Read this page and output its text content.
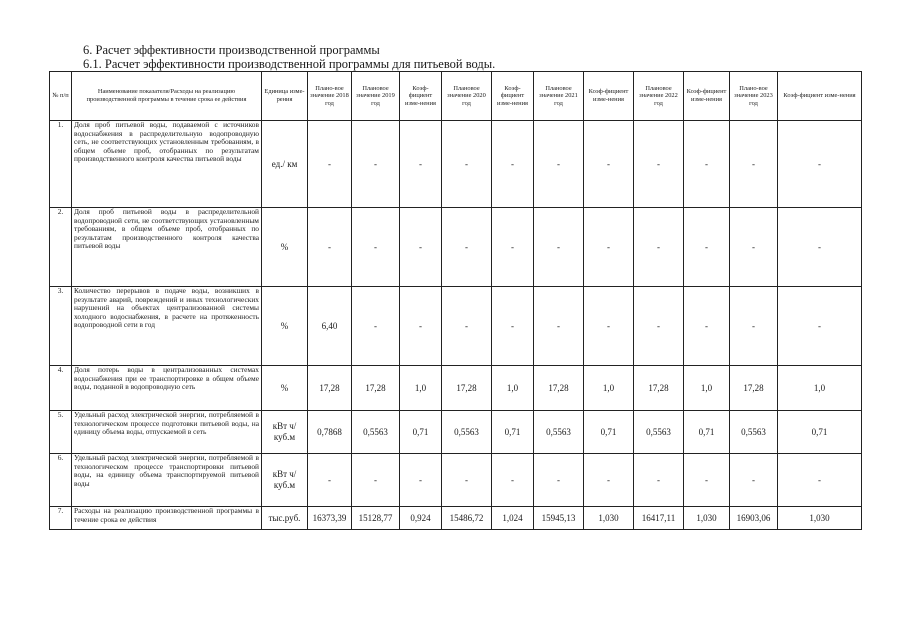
6. Расчет эффективности производственной программы
6.1. Расчет эффективности производственной программы для питьевой воды.
№ п/п	Наименование показателя/Расходы на реализацию производственной программы в течение срока ее действия	Единица изме-рения	Плано-вое значение 2018 год	Плановое значение 2019 год	Коэф-фициент изме-нения	Плановое значение 2020 год	Коэф-фициент изме-нения	Плановое значение 2021 год	Коэф-фициент изме-нения	Плановое значение 2022 год	Коэф-фициент изме-нения	Плано-вое значение 2023 год	Коэф-фициент изме-нения
1.	Доля проб питьевой воды, подаваемой с источников водоснабжения в распределительную водопроводную сеть, не соответствующих установленным требованиям, в общем объеме проб, отобранных по результатам производственного контроля качества питьевой воды	ед./ км	-	-	-	-	-	-	-	-	-	-	-
2.	Доля проб питьевой воды в распределительной водопроводной сети, не соответствующих установленным требованиям, в общем объеме проб, отобранных по результатам производственного контроля качества питьевой воды	%	-	-	-	-	-	-	-	-	-	-	-
3.	Количество перерывов в подаче воды, возникших в результате аварий, повреждений и иных технологических нарушений на объектах централизованной системы холодного водоснабжения, в расчете на протяженность водопроводной сети в год	%	6,40	-	-	-	-	-	-	-	-	-	-
4.	Доля потерь воды в централизованных системах водоснабжения при ее транспортировке в общем объеме воды, поданной в водопроводную сеть	%	17,28	17,28	1,0	17,28	1,0	17,28	1,0	17,28	1,0	17,28	1,0
5.	Удельный расход электрической энергии, потребляемой в технологическом процессе подготовки питьевой воды, на единицу объема воды, отпускаемой в сеть	кВт ч/куб.м	0,7868	0,5563	0,71	0,5563	0,71	0,5563	0,71	0,5563	0,71	0,5563	0,71
6.	Удельный расход электрической энергии, потребляемой в технологическом процессе транспортировки питьевой воды, на единицу объема транспортируемой питьевой воды	кВт ч/куб.м	-	-	-	-	-	-	-	-	-	-	-
7.	Расходы на реализацию производственной программы в течение срока ее действия	тыс.руб.	16373,39	15128,77	0,924	15486,72	1,024	15945,13	1,030	16417,11	1,030	16903,06	1,030
